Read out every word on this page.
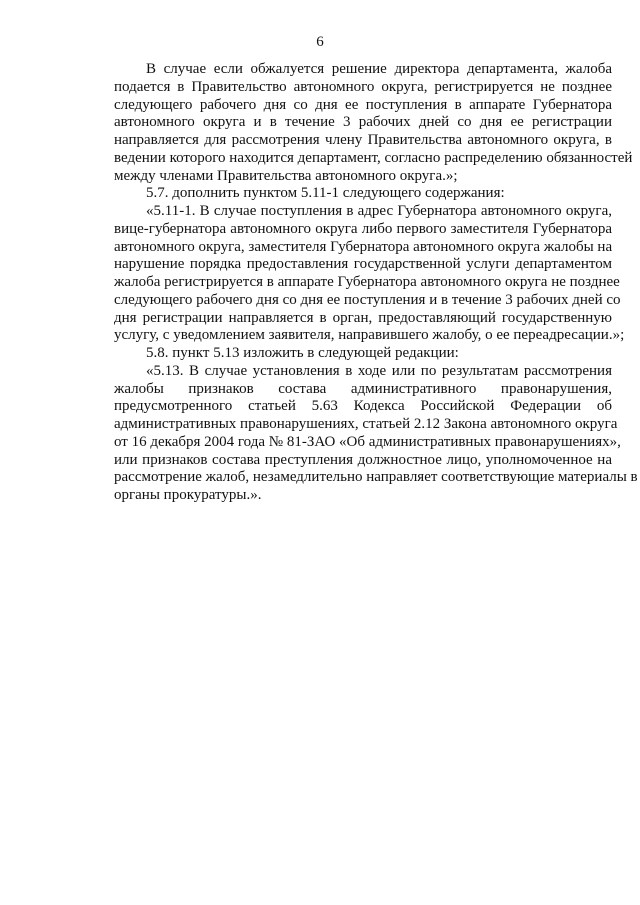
6

В случае если обжалуется решение директора департамента, жалоба
подается в Правительство автономного округа, регистрируется не позднее
следующего рабочего дня со дня ее поступления в аппарате Губернатора
автономного округа и в течение 3 рабочих дней со дня ее регистрации
направляется для рассмотрения члену Правительства автономного округа, в
ведении которого находится департамент, согласно распределению обязанностей
между членами Правительства автономного округа.»;

5.7. дополнить пунктом 5.11-1 следующего содержания:

«5.11-1. В случае поступления в адрес Губернатора автономного округа,
вице-губернатора автономного округа либо первого заместителя Губернатора
автономного округа, заместителя Губернатора автономного округа жалобы на
нарушение порядка предоставления государственной услуги департаментом
жалоба регистрируется в аппарате Губернатора автономного округа не позднее
следующего рабочего дня со дня ее поступления и в течение 3 рабочих дней со
дня регистрации направляется в орган, предоставляющий государственную
услугу, с уведомлением заявителя, направившего жалобу, о ее переадресации.»;

5.8. пункт 5.13 изложить в следующей редакции:

«5.13. В случае установления в ходе или по результатам рассмотрения
жалобы признаков состава административного правонарушения,
предусмотренного статьей 5.63 Кодекса Российской Федерации об
административных правонарушениях, статьей 2.12 Закона автономного округа
от 16 декабря 2004 года № 81-ЗАО «Об административных правонарушениях»,
или признаков состава преступления должностное лицо, уполномоченное на
рассмотрение жалоб, незамедлительно направляет соответствующие материалы в
органы прокуратуры.».
